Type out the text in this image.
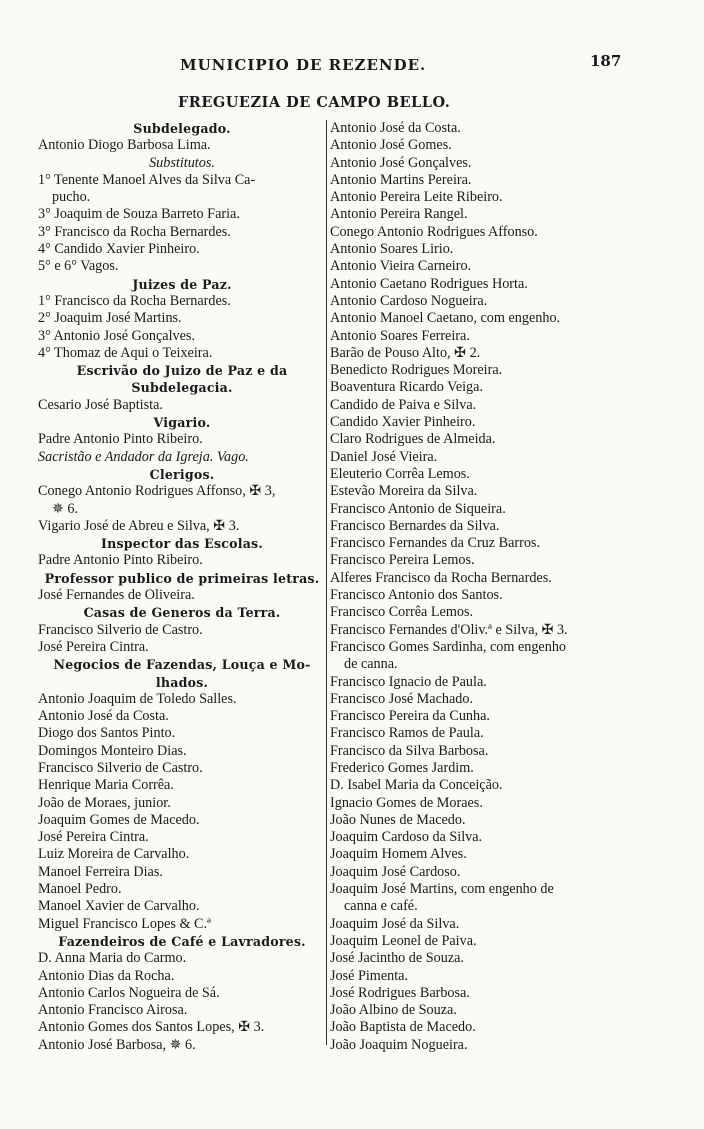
MUNICIPIO DE REZENDE.	187
FREGUEZIA DE CAMPO BELLO.
Subdelegado.
Antonio Diogo Barbosa Lima.
Substitutos.
1° Tenente Manoel Alves da Silva Ca-
pucho.
3° Joaquim de Souza Barreto Faria.
3° Francisco da Rocha Bernardes.
4° Candido Xavier Pinheiro.
5° e 6° Vagos.
Juizes de Paz.
1° Francisco da Rocha Bernardes.
2° Joaquim José Martins.
3° Antonio José Gonçalves.
4° Thomaz de Aqui o Teixeira.
Escrivão do Juizo de Paz e da
Subdelegacia.
Cesario José Baptista.
Vigario.
Padre Antonio Pinto Ribeiro.
Sacristão e Andador da Igreja. Vago.
Clerigos.
Conego Antonio Rodrigues Affonso, ✠ 3,
✵ 6.
Vigario José de Abreu e Silva, ✠ 3.
Inspector das Escolas.
Padre Antonio Pinto Ribeiro.
Professor publico de primeiras letras.
José Fernandes de Oliveira.
Casas de Generos da Terra.
Francisco Silverio de Castro.
José Pereira Cintra.
Negocios de Fazendas, Louça e Mo-
lhados.
Antonio Joaquim de Toledo Salles.
Antonio José da Costa.
Diogo dos Santos Pinto.
Domingos Monteiro Dias.
Francisco Silverio de Castro.
Henrique Maria Corrêa.
João de Moraes, junior.
Joaquim Gomes de Macedo.
José Pereira Cintra.
Luiz Moreira de Carvalho.
Manoel Ferreira Dias.
Manoel Pedro.
Manoel Xavier de Carvalho.
Miguel Francisco Lopes & C.ª
Fazendeiros de Café e Lavradores.
D. Anna Maria do Carmo.
Antonio Dias da Rocha.
Antonio Carlos Nogueira de Sá.
Antonio Francisco Airosa.
Antonio Gomes dos Santos Lopes, ✠ 3.
Antonio José Barbosa, ✵ 6.
Antonio José da Costa.
Antonio José Gomes.
Antonio José Gonçalves.
Antonio Martins Pereira.
Antonio Pereira Leite Ribeiro.
Antonio Pereira Rangel.
Conego Antonio Rodrigues Affonso.
Antonio Soares Lirio.
Antonio Vieira Carneiro.
Antonio Caetano Rodrigues Horta.
Antonio Cardoso Nogueira.
Antonio Manoel Caetano, com engenho.
Antonio Soares Ferreira.
Barão de Pouso Alto, ✠ 2.
Benedicto Rodrigues Moreira.
Boaventura Ricardo Veiga.
Candido de Paiva e Silva.
Candido Xavier Pinheiro.
Claro Rodrigues de Almeida.
Daniel José Vieira.
Eleuterio Corrêa Lemos.
Estevão Moreira da Silva.
Francisco Antonio de Siqueira.
Francisco Bernardes da Silva.
Francisco Fernandes da Cruz Barros.
Francisco Pereira Lemos.
Alferes Francisco da Rocha Bernardes.
Francisco Antonio dos Santos.
Francisco Corrêa Lemos.
Francisco Fernandes d'Oliv.ª e Silva, ✠ 3.
Francisco Gomes Sardinha, com engenho
de canna.
Francisco Ignacio de Paula.
Francisco José Machado.
Francisco Pereira da Cunha.
Francisco Ramos de Paula.
Francisco da Silva Barbosa.
Frederico Gomes Jardim.
D. Isabel Maria da Conceição.
Ignacio Gomes de Moraes.
João Nunes de Macedo.
Joaquim Cardoso da Silva.
Joaquim Homem Alves.
Joaquim José Cardoso.
Joaquim José Martins, com engenho de
canna e café.
Joaquim José da Silva.
Joaquim Leonel de Paiva.
José Jacintho de Souza.
José Pimenta.
José Rodrigues Barbosa.
João Albino de Souza.
João Baptista de Macedo.
João Joaquim Nogueira.
